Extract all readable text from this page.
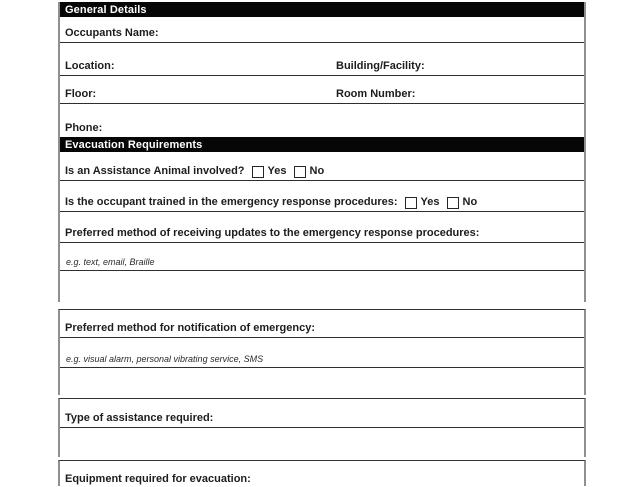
General Details
Occupants Name:
Location:	Building/Facility:
Floor:	Room Number:
Phone:
Evacuation Requirements
Is an Assistance Animal involved? Yes No
Is the occupant trained in the emergency response procedures: Yes No
Preferred method of receiving updates to the emergency response procedures:
e.g. text, email, Braille
Preferred method for notification of emergency:
e.g. visual alarm, personal vibrating service, SMS
Type of assistance required:
Equipment required for evacuation:
